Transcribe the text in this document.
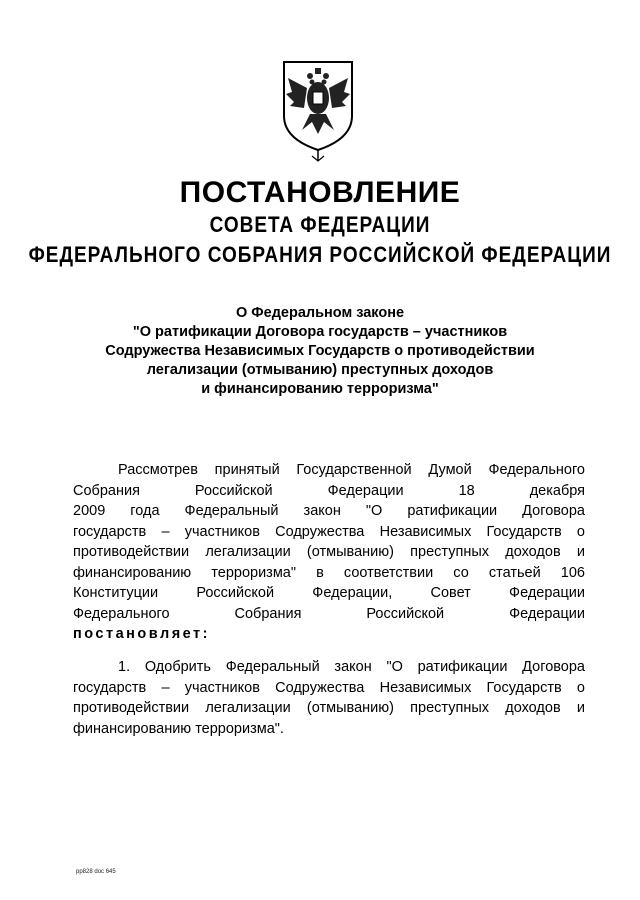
ПОСТАНОВЛЕНИЕ
СОВЕТА ФЕДЕРАЦИИ
ФЕДЕРАЛЬНОГО СОБРАНИЯ РОССИЙСКОЙ ФЕДЕРАЦИИ
О Федеральном законе
"О ратификации Договора государств – участников
Содружества Независимых Государств о противодействии
легализации (отмыванию) преступных доходов
и финансированию терроризма"
Рассмотрев принятый Государственной Думой Федерального
Собрания Российской Федерации 18 декабря
2009 года Федеральный закон "О ратификации Договора
государств – участников Содружества Независимых Государств о
противодействии легализации (отмыванию) преступных доходов и
финансированию терроризма" в соответствии со статьей 106
Конституции Российской Федерации, Совет Федерации
Федерального Собрания Российской Федерации
постановляет:
1. Одобрить Федеральный закон "О ратификации Договора
государств – участников Содружества Независимых Государств о
противодействии легализации (отмыванию) преступных доходов и
финансированию терроризма".
pp828 doc 645
